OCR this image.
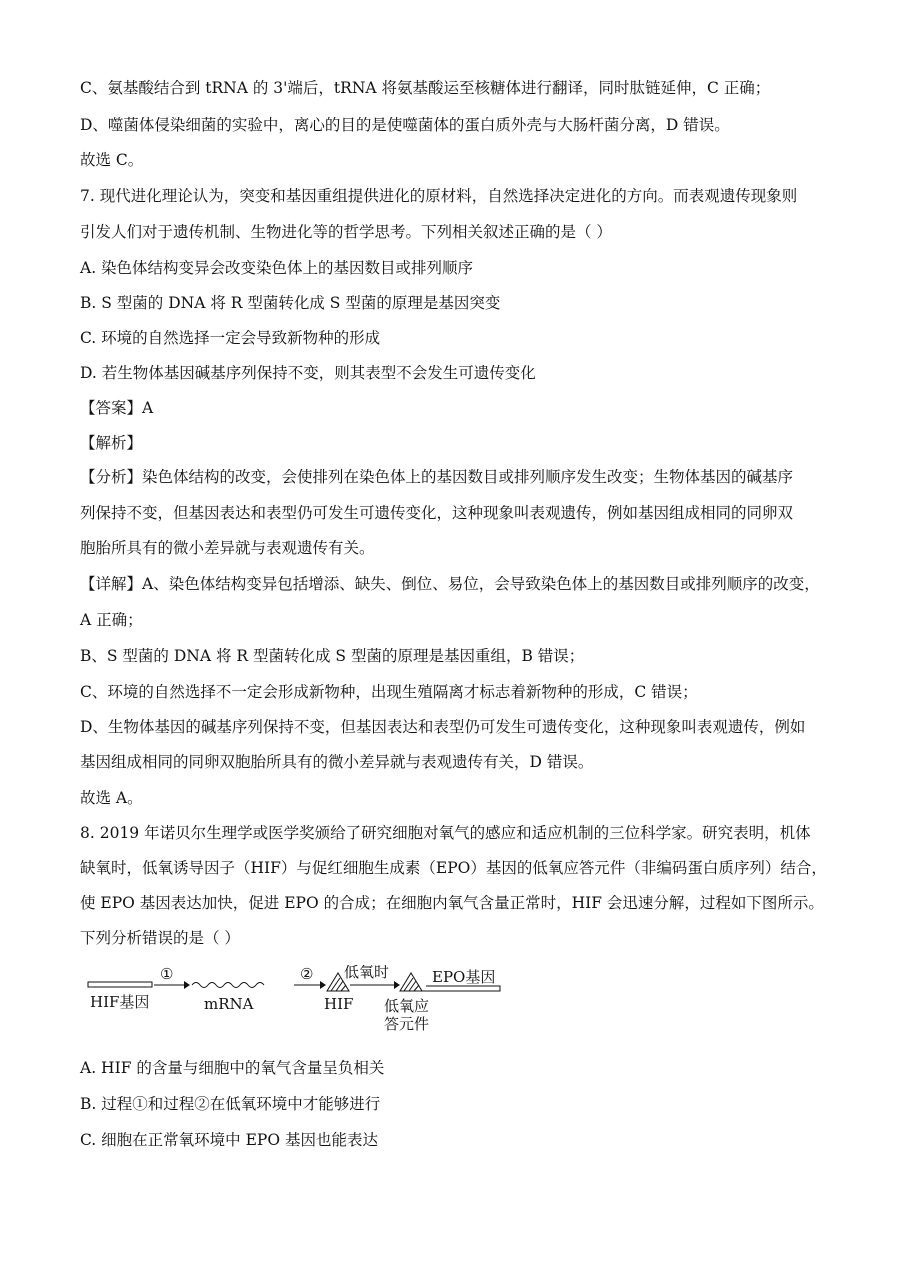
C、氨基酸结合到 tRNA 的 3'端后，tRNA 将氨基酸运至核糖体进行翻译，同时肽链延伸，C 正确；
D、噬菌体侵染细菌的实验中，离心的目的是使噬菌体的蛋白质外壳与大肠杆菌分离，D 错误。
故选 C。
7. 现代进化理论认为，突变和基因重组提供进化的原材料，自然选择决定进化的方向。而表观遗传现象则
引发人们对于遗传机制、生物进化等的哲学思考。下列相关叙述正确的是（ ）
A. 染色体结构变异会改变染色体上的基因数目或排列顺序
B. S 型菌的 DNA 将 R 型菌转化成 S 型菌的原理是基因突变
C. 环境的自然选择一定会导致新物种的形成
D. 若生物体基因碱基序列保持不变，则其表型不会发生可遗传变化
【答案】A
【解析】
【分析】染色体结构的改变，会使排列在染色体上的基因数目或排列顺序发生改变；生物体基因的碱基序
列保持不变，但基因表达和表型仍可发生可遗传变化，这种现象叫表观遗传，例如基因组成相同的同卵双
胞胎所具有的微小差异就与表观遗传有关。
【详解】A、染色体结构变异包括增添、缺失、倒位、易位，会导致染色体上的基因数目或排列顺序的改变，
A 正确；
B、S 型菌的 DNA 将 R 型菌转化成 S 型菌的原理是基因重组，B 错误；
C、环境的自然选择不一定会形成新物种，出现生殖隔离才标志着新物种的形成，C 错误；
D、生物体基因的碱基序列保持不变，但基因表达和表型仍可发生可遗传变化，这种现象叫表观遗传，例如
基因组成相同的同卵双胞胎所具有的微小差异就与表观遗传有关，D 错误。
故选 A。
8. 2019 年诺贝尔生理学或医学奖颁给了研究细胞对氧气的感应和适应机制的三位科学家。研究表明，机体
缺氧时，低氧诱导因子（HIF）与促红细胞生成素（EPO）基因的低氧应答元件（非编码蛋白质序列）结合，
使 EPO 基因表达加快，促进 EPO 的合成；在细胞内氧气含量正常时，HIF 会迅速分解，过程如下图所示。
下列分析错误的是（ ）
HIF基因
①
mRNA
②
HIF
低氧时	EPO基因
低氧应
答元件
A. HIF 的含量与细胞中的氧气含量呈负相关
B. 过程①和过程②在低氧环境中才能够进行
C. 细胞在正常氧环境中 EPO 基因也能表达
